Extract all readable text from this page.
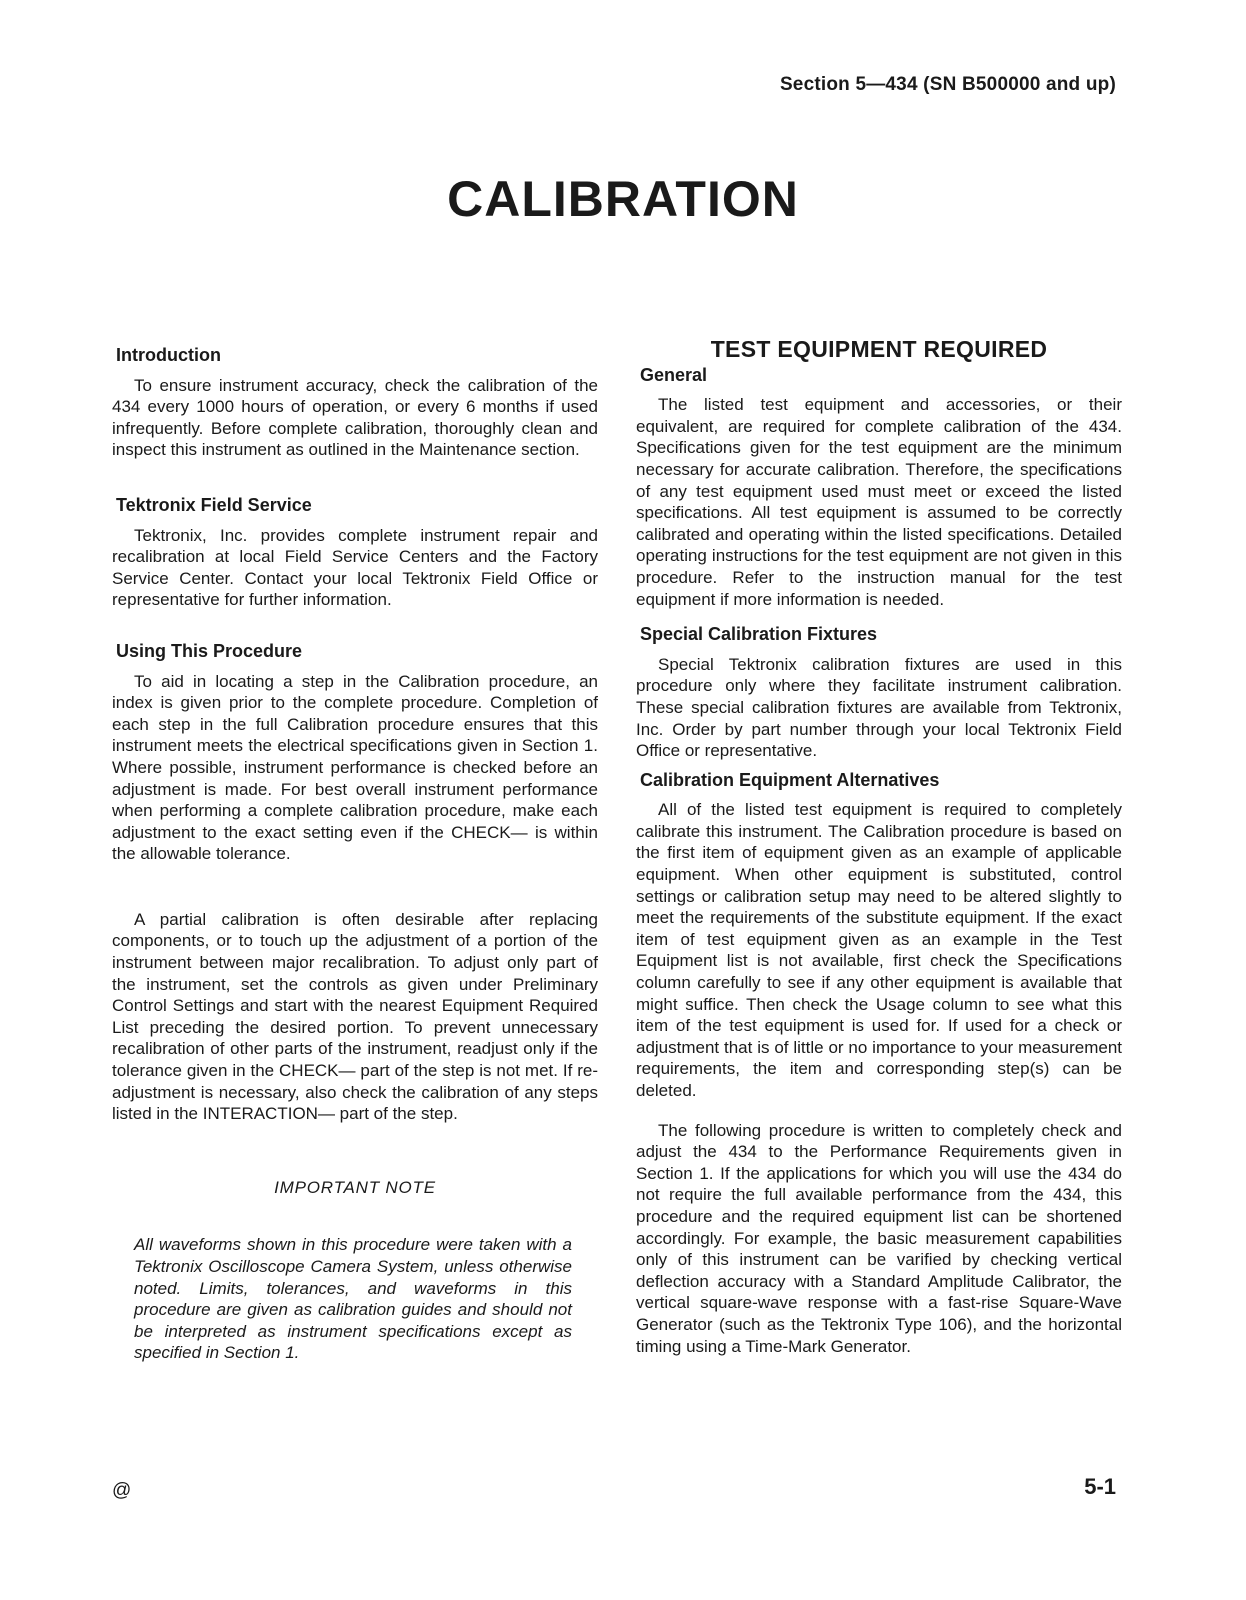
Section 5—434 (SN B500000 and up)
CALIBRATION
Introduction

To ensure instrument accuracy, check the calibration of the 434 every 1000 hours of operation, or every 6 months if used infrequently. Before complete calibration, thoroughly clean and inspect this instrument as outlined in the Maintenance section.

Tektronix Field Service

Tektronix, Inc. provides complete instrument repair and recalibration at local Field Service Centers and the Factory Service Center. Contact your local Tektronix Field Office or representative for further information.

Using This Procedure

To aid in locating a step in the Calibration procedure, an index is given prior to the complete procedure. Completion of each step in the full Calibration procedure ensures that this instrument meets the electrical specifications given in Section 1. Where possible, instrument performance is checked before an adjustment is made. For best overall instrument performance when performing a complete calibration procedure, make each adjustment to the exact setting even if the CHECK— is within the allowable tolerance.

A partial calibration is often desirable after replacing components, or to touch up the adjustment of a portion of the instrument between major recalibration. To adjust only part of the instrument, set the controls as given under Preliminary Control Settings and start with the nearest Equipment Required List preceding the desired portion. To prevent unnecessary recalibration of other parts of the instrument, readjust only if the tolerance given in the CHECK— part of the step is not met. If re-adjustment is necessary, also check the calibration of any steps listed in the INTERACTION— part of the step.

IMPORTANT NOTE

All waveforms shown in this procedure were taken with a Tektronix Oscilloscope Camera System, unless otherwise noted. Limits, tolerances, and waveforms in this procedure are given as calibration guides and should not be interpreted as instrument specifications except as specified in Section 1.

TEST EQUIPMENT REQUIRED
General

The listed test equipment and accessories, or their equivalent, are required for complete calibration of the 434. Specifications given for the test equipment are the minimum necessary for accurate calibration. Therefore, the specifications of any test equipment used must meet or exceed the listed specifications. All test equipment is assumed to be correctly calibrated and operating within the listed specifications. Detailed operating instructions for the test equipment are not given in this procedure. Refer to the instruction manual for the test equipment if more information is needed.

Special Calibration Fixtures

Special Tektronix calibration fixtures are used in this procedure only where they facilitate instrument calibration. These special calibration fixtures are available from Tektronix, Inc. Order by part number through your local Tektronix Field Office or representative.

Calibration Equipment Alternatives

All of the listed test equipment is required to completely calibrate this instrument. The Calibration procedure is based on the first item of equipment given as an example of applicable equipment. When other equipment is substituted, control settings or calibration setup may need to be altered slightly to meet the requirements of the substitute equipment. If the exact item of test equipment given as an example in the Test Equipment list is not available, first check the Specifications column carefully to see if any other equipment is available that might suffice. Then check the Usage column to see what this item of the test equipment is used for. If used for a check or adjustment that is of little or no importance to your measurement requirements, the item and corresponding step(s) can be deleted.

The following procedure is written to completely check and adjust the 434 to the Performance Requirements given in Section 1. If the applications for which you will use the 434 do not require the full available performance from the 434, this procedure and the required equipment list can be shortened accordingly. For example, the basic measurement capabilities only of this instrument can be varified by checking vertical deflection accuracy with a Standard Amplitude Calibrator, the vertical square-wave response with a fast-rise Square-Wave Generator (such as the Tektronix Type 106), and the horizontal timing using a Time-Mark Generator.

@	5-1
